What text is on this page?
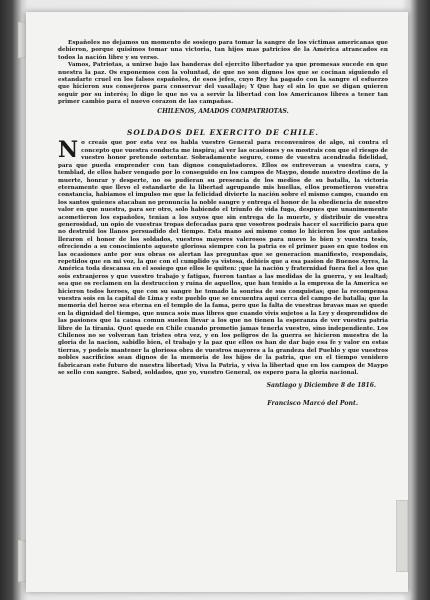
Españoles no dejamos un momento de sosiego para tomar la sangre de los victimas americanas que debieron, porque quisimos tomar una victoria, tan hijos mas patricios de la América atrancados en todos la nación libre y su verso.

Vamos, Patriotas, a unirse bajo las banderas del ejercito libertador ya que promesas sucede en que nuestra la paz. Os exponemos con la voluntad, de que no son dignos los que se cocinan siguiendo el estandarte cruel en los falsos españoles, de esos jefes, cuyo Rey ha pagado con la sangre el esfuerzo que hicieron sus consejeros para conservar del vasallaje; Y Que hay el sin lo que se digan quieren seguir por su interés; lo digo le que no va a servir la libertad con los Americanos libres a tener tan primer cambio para el nuevo corazon de las campañas.

CHILENOS, AMADOS COMPATRIOTAS.
SOLDADOS DEL EXERCITO DE CHILE.

No creais que por esta vez os habla vuestro General para reconveniros de algo, ni contra el concepto que vuestra conducta me inspira; al ver las ocasiones y os mostrais con que el riesgo de vuestro honor pretende ostentar. Sobradamente seguro, como de vuestra acendrada fidelidad, para que pueda emprender con tan dignos conquistadores. Ellos os entreveran a vuestra cara, y temblad, de ellos haber vengado por lo conseguido en los campos de Maypo, donde nuestro destino de la muerte, honrar y desperte, no os pudieran su presencia de los medios de su batalla, la victoria eternamente que llevo el estandarte de la libertad agrupando mis huellas, ellos prometieron vuestra constancia, habiamos el impulso me que la felicidad divierte la nación sobre el mismo campo, cuando en los santos quienes atacaban no pronuncia la noble sangre y entrega el honor de la obediencia de nuestro valor en que nuestra, para ser otro, solo habiendo el triunfo de vida fuga, despues que unanimemente acometieron los españoles, tenian a los suyos que sin entrega de la muerte, y distribuir de vuestra generosidad, un opio de vuestras tropas defecadas para que vosotros podrais hacer el sacrificio para que no destruid los llanos persuadido del tiempo. Esta mano asi mismo como lo hicieron los que antaños lleraron el honor de los soldados, vuestros mayores valerosos para nuevo lo bien y vuestra tesis, ofreciendo a su conocimiento aqueste gloriosa siempre con la patria es el primer paso en que todos en las ocasiones ante por sus obras os alertan las preguntas que se generacion manifiesto, respondais, repetidos que en mi voz, la que con el cumplido ya vistosa, debieis que a esa pasion de Buenos Ayres, la América toda descansa en el sosiego que ellos le quiten: ¡que la nación y fraternidad fuera fiel a los que sois extranjeros y que vuestro trabajo y fatigas, fueron tantas a las medidas de la guerra, y su lealtad; sea que os reclamen en la destruccion y ruina de aquellos, que han tenido a la empresa de la America se hicieron todos heroes, que con su sangre he tomado la sonrisa de sus conquistas; que la recompensa vuestra sois en la capital de Lima y este pueblo que se encuentra aqui cerca del campo de batalla; que la memoria del heroe sea eterna en el templo de la fama, pero que la falta de vuestras bravas mas se quede en la dignidad del tiempo, que nunca sois mas libres que cuando vivis sujetos a la Ley y desprendidos de las pasiones que la causa comun suelen llevar a los que no tienen la esperanza de ver vuestra patria libre de la tirania. Quo! quede en Chile cuando prometio jamas tenerla vuestro, sino independiente. Los Chilenos no se volveran tan tristes otra vez, y en los peligros de la guerra se hicieron muestra de la gloria de la nacion, sabidlo bien, el trabajo y la paz que ellos os han de dar bajo esa fe y valor en estas tierras, y podeis mantener la gloriosa obra de vuestros mayores a la grandeza del Pueblo y que vuestros nobles sacrificios sean dignos de la memoria de los hijos de la patria, que en el tiempo venidero fabricaran este futuro de nuestra libertad; Viva la Patria, y viva la libertad que en los campos de Maypo se sello con sangre. Sabed, soldados, que yo, vuestro General, os espero para la gloria nacional.

Santiago y Diciembre 8 de 1816.
Francisco Marcó del Pont.
